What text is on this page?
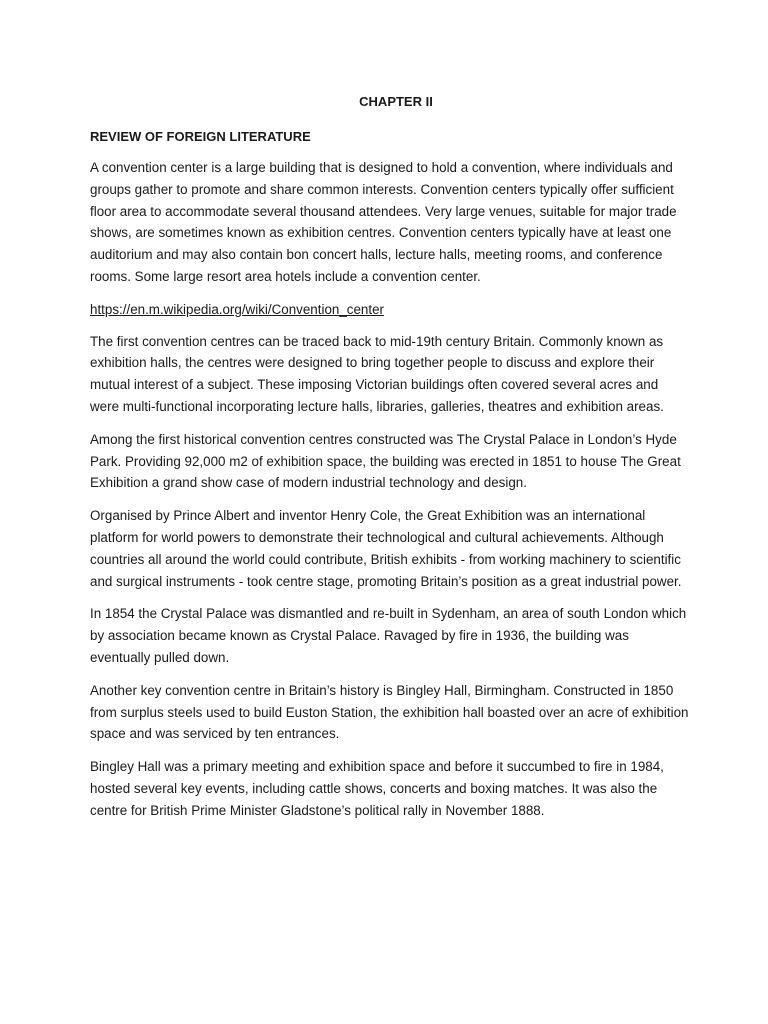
CHAPTER II
REVIEW OF FOREIGN LITERATURE

A convention center is a large building that is designed to hold a convention, where individuals and groups gather to promote and share common interests. Convention centers typically offer sufficient floor area to accommodate several thousand attendees. Very large venues, suitable for major trade shows, are sometimes known as exhibition centres. Convention centers typically have at least one auditorium and may also contain bon concert halls, lecture halls, meeting rooms, and conference rooms. Some large resort area hotels include a convention center.

https://en.m.wikipedia.org/wiki/Convention_center

The first convention centres can be traced back to mid-19th century Britain. Commonly known as exhibition halls, the centres were designed to bring together people to discuss and explore their mutual interest of a subject. These imposing Victorian buildings often covered several acres and were multi-functional incorporating lecture halls, libraries, galleries, theatres and exhibition areas.

Among the first historical convention centres constructed was The Crystal Palace in London’s Hyde Park. Providing 92,000 m2 of exhibition space, the building was erected in 1851 to house The Great Exhibition a grand show case of modern industrial technology and design.

Organised by Prince Albert and inventor Henry Cole, the Great Exhibition was an international platform for world powers to demonstrate their technological and cultural achievements. Although countries all around the world could contribute, British exhibits - from working machinery to scientific and surgical instruments - took centre stage, promoting Britain’s position as a great industrial power.

In 1854 the Crystal Palace was dismantled and re-built in Sydenham, an area of south London which by association became known as Crystal Palace. Ravaged by fire in 1936, the building was eventually pulled down.

Another key convention centre in Britain’s history is Bingley Hall, Birmingham. Constructed in 1850 from surplus steels used to build Euston Station, the exhibition hall boasted over an acre of exhibition space and was serviced by ten entrances.

Bingley Hall was a primary meeting and exhibition space and before it succumbed to fire in 1984, hosted several key events, including cattle shows, concerts and boxing matches. It was also the centre for British Prime Minister Gladstone’s political rally in November 1888.
